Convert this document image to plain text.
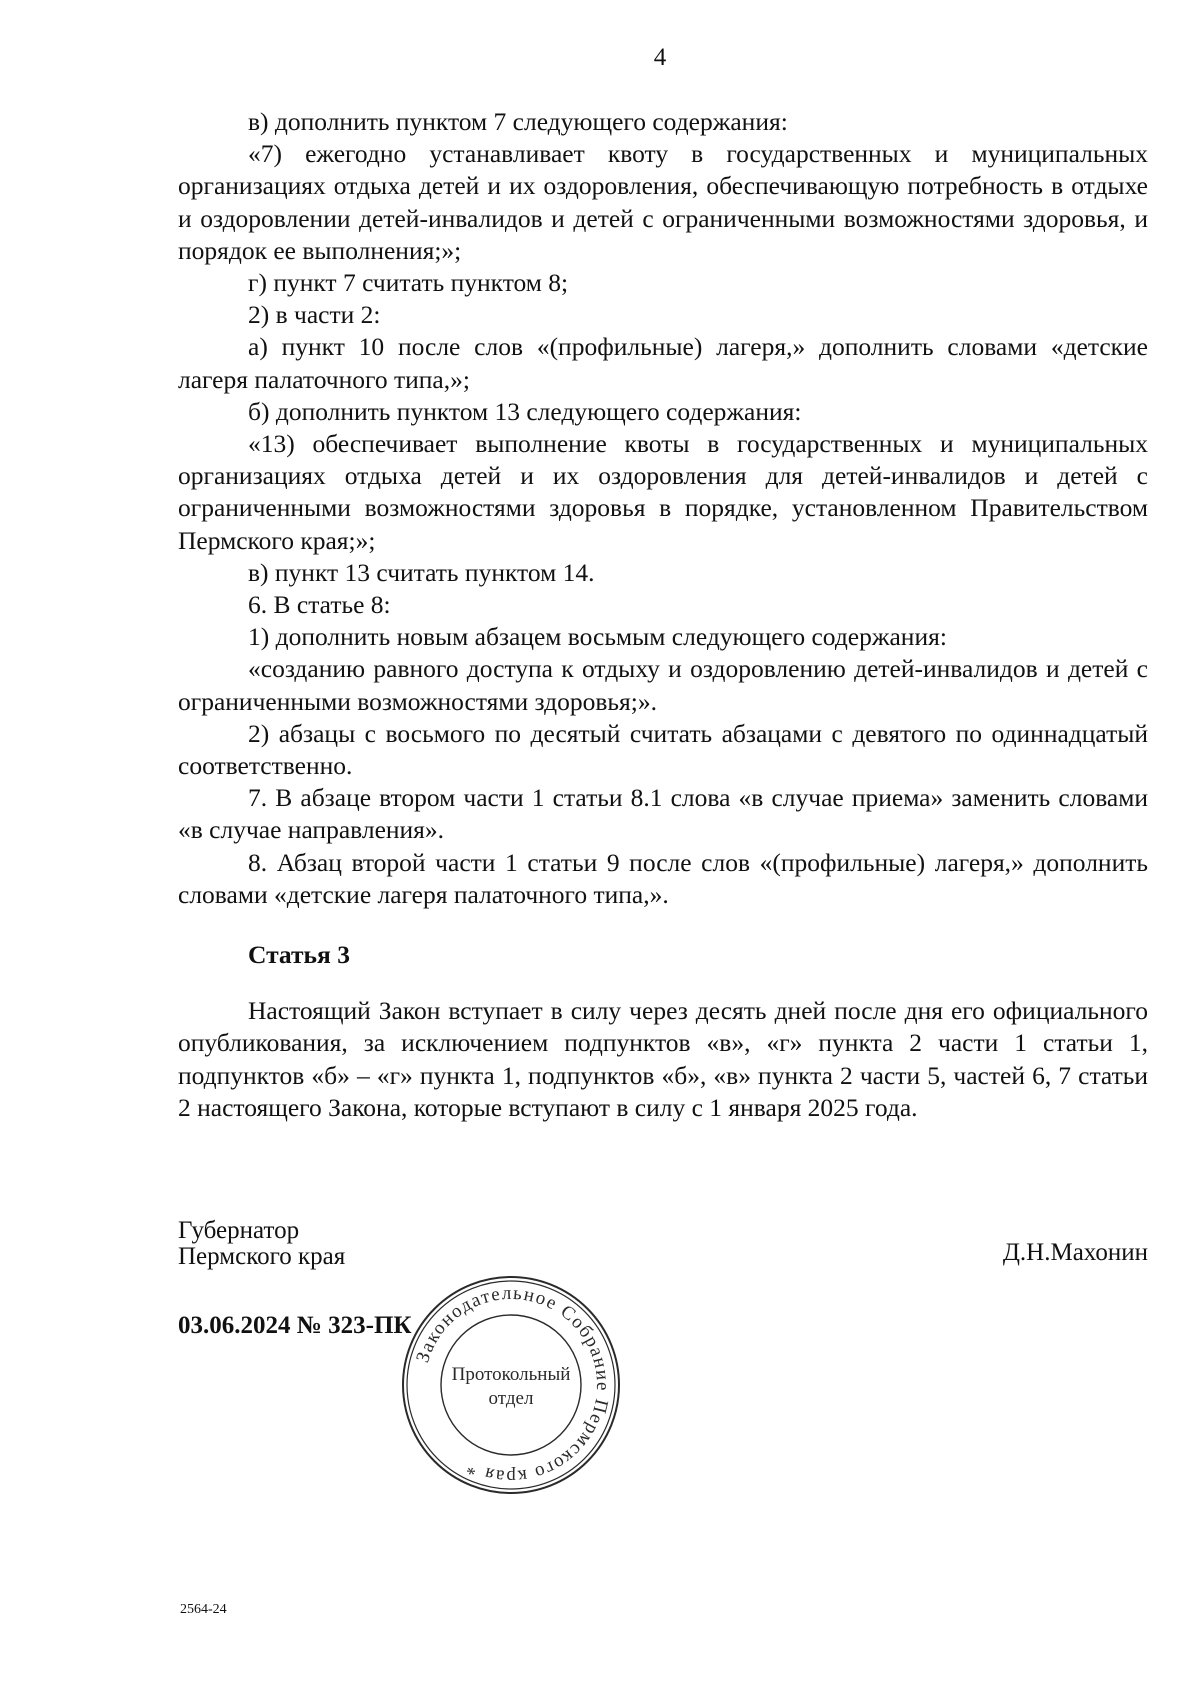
4

в) дополнить пунктом 7 следующего содержания:

«7) ежегодно устанавливает квоту в государственных и муниципальных организациях отдыха детей и их оздоровления, обеспечивающую потребность в отдыхе и оздоровлении детей-инвалидов и детей с ограниченными возможностями здоровья, и порядок ее выполнения;»;

г) пункт 7 считать пунктом 8;

2) в части 2:

а) пункт 10 после слов «(профильные) лагеря,» дополнить словами «детские лагеря палаточного типа,»;

б) дополнить пунктом 13 следующего содержания:

«13) обеспечивает выполнение квоты в государственных и муниципальных организациях отдыха детей и их оздоровления для детей-инвалидов и детей с ограниченными возможностями здоровья в порядке, установленном Правительством Пермского края;»;

в) пункт 13 считать пунктом 14.

6. В статье 8:

1) дополнить новым абзацем восьмым следующего содержания:

«созданию равного доступа к отдыху и оздоровлению детей-инвалидов и детей с ограниченными возможностями здоровья;».

2) абзацы с восьмого по десятый считать абзацами с девятого по одиннадцатый соответственно.

7. В абзаце втором части 1 статьи 8.1 слова «в случае приема» заменить словами «в случае направления».

8. Абзац второй части 1 статьи 9 после слов «(профильные) лагеря,» дополнить словами «детские лагеря палаточного типа,».

Статья 3

Настоящий Закон вступает в силу через десять дней после дня его официального опубликования, за исключением подпунктов «в», «г» пункта 2 части 1 статьи 1, подпунктов «б» – «г» пункта 1, подпунктов «б», «в» пункта 2 части 5, частей 6, 7 статьи 2 настоящего Закона, которые вступают в силу с 1 января 2025 года.

Губернатор
Пермского края	Д.Н.Махонин
03.06.2024 № 323-ПК
Законодательное Собрание Пермского края *
Протокольный
отдел
2564-24
